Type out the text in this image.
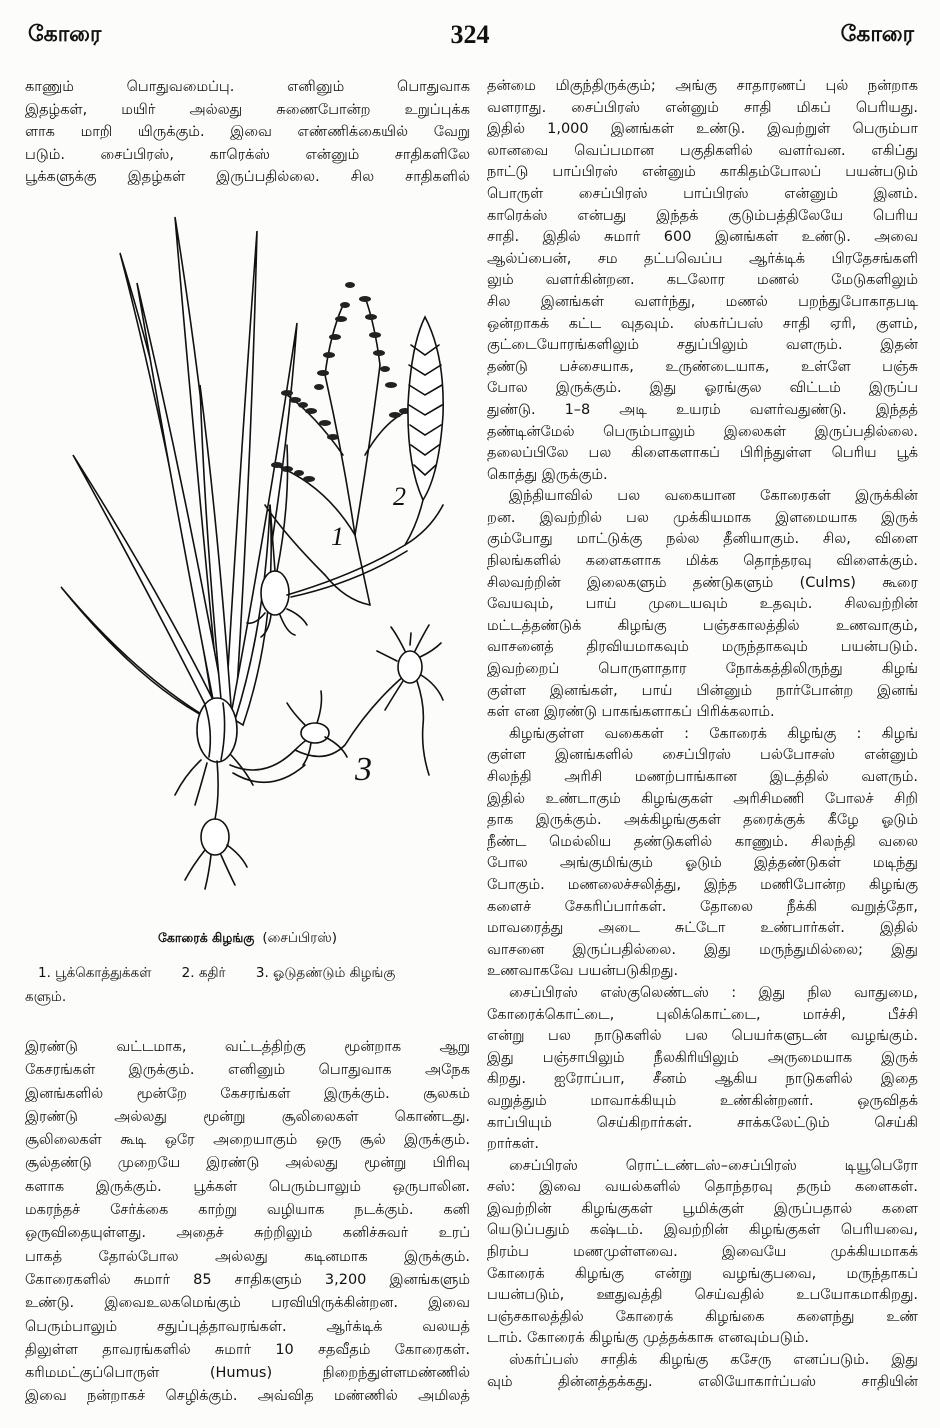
கோரை	324	கோரை
காணும் பொதுவமைப்பு. எனினும் பொதுவாக
இதழ்கள், மயிர் அல்லது சுணைபோன்ற உறுப்புக்க
ளாக மாறி யிருக்கும். இவை எண்ணிக்கையில் வேறு
படும். சைப்பிரஸ், காரெக்ஸ் என்னும் சாதிகளிலே
பூக்களுக்கு இதழ்கள் இருப்பதில்லை. சில சாதிகளில்
1
2
3
கோரைக் கிழங்கு (சைப்பிரஸ்)
1. பூக்கொத்துக்கள் 2. கதிர் 3. ஓடுதண்டும் கிழங்கு
களும்.
இரண்டு வட்டமாக, வட்டத்திற்கு மூன்றாக ஆறு
கேசரங்கள் இருக்கும். எனினும் பொதுவாக அநேக
இனங்களில் மூன்றே கேசரங்கள் இருக்கும். சூலகம்
இரண்டு அல்லது மூன்று சூலிலைகள் கொண்டது.
சூலிலைகள் கூடி ஒரே அறையாகும் ஒரு சூல் இருக்கும்.
சூல்தண்டு முறையே இரண்டு அல்லது மூன்று பிரிவு
களாக இருக்கும். பூக்கள் பெரும்பாலும் ஒருபாலின.
மகரந்தச் சேர்க்கை காற்று வழியாக நடக்கும். கனி
ஒருவிதையுள்ளது. அதைச் சுற்றிலும் கனிச்சுவர் உரப்
பாகத் தோல்போல அல்லது கடினமாக இருக்கும்.
கோரைகளில் சுமார் 85 சாதிகளும் 3,200 இனங்களும்
உண்டு. இவைஉலகமெங்கும் பரவியிருக்கின்றன. இவை
பெரும்பாலும் சதுப்புத்தாவரங்கள். ஆர்க்டிக் வலயத்
திலுள்ள தாவரங்களில் சுமார் 10 சதவீதம் கோரைகள்.
கரிமமட்குப்பொருள் (Humus) நிறைந்துள்ளமண்ணில்
இவை நன்றாகச் செழிக்கும். அவ்வித மண்ணில் அமிலத்
தன்மை மிகுந்திருக்கும்; அங்கு சாதாரணப் புல் நன்றாக
வளராது. சைப்பிரஸ் என்னும் சாதி மிகப் பெரியது.
இதில் 1,000 இனங்கள் உண்டு. இவற்றுள் பெரும்பா
லானவை வெப்பமான பகுதிகளில் வளர்வன. எகிப்து
நாட்டு பாப்பிரஸ் என்னும் காகிதம்போலப் பயன்படும்
பொருள் சைப்பிரஸ் பாப்பிரஸ் என்னும் இனம்.
காரெக்ஸ் என்பது இந்தக் குடும்பத்திலேயே பெரிய
சாதி. இதில் சுமார் 600 இனங்கள் உண்டு. அவை
ஆல்ப்பைன், சம தட்பவெப்ப ஆர்க்டிக் பிரதேசங்களி
லும் வளர்கின்றன. கடலோர மணல் மேடுகளிலும்
சில இனங்கள் வளர்ந்து, மணல் பறந்துபோகாதபடி
ஒன்றாகக் கட்ட வுதவும். ஸ்கர்ப்பஸ் சாதி ஏரி, குளம்,
குட்டையோரங்களிலும் சதுப்பிலும் வளரும். இதன்
தண்டு பச்சையாக, உருண்டையாக, உள்ளே பஞ்சு
போல இருக்கும். இது ஓரங்குல விட்டம் இருப்ப
துண்டு. 1–8 அடி உயரம் வளர்வதுண்டு. இந்தத்
தண்டின்மேல் பெரும்பாலும் இலைகள் இருப்பதில்லை.
தலைப்பிலே பல கிளைகளாகப் பிரிந்துள்ள பெரிய பூக்
கொத்து இருக்கும்.
இந்தியாவில் பல வகையான கோரைகள் இருக்கின்
றன. இவற்றில் பல முக்கியமாக இளமையாக இருக்
கும்போது மாட்டுக்கு நல்ல தீனியாகும். சில, விளை
நிலங்களில் களைகளாக மிக்க தொந்தரவு விளைக்கும்.
சிலவற்றின் இலைகளும் தண்டுகளும் (Culms) கூரை
வேயவும், பாய் முடையவும் உதவும். சிலவற்றின்
மட்டத்தண்டுக் கிழங்கு பஞ்சகாலத்தில் உணவாகும்,
வாசனைத் திரவியமாகவும் மருந்தாகவும் பயன்படும்.
இவற்றைப் பொருளாதார நோக்கத்திலிருந்து கிழங்
குள்ள இனங்கள், பாய் பின்னும் நார்போன்ற இனங்
கள் என இரண்டு பாகங்களாகப் பிரிக்கலாம்.
கிழங்குள்ள வகைகள் : கோரைக் கிழங்கு : கிழங்
குள்ள இனங்களில் சைப்பிரஸ் பல்போசஸ் என்னும்
சிலந்தி அரிசி மணற்பாங்கான இடத்தில் வளரும்.
இதில் உண்டாகும் கிழங்குகள் அரிசிமணி போலச் சிறி
தாக இருக்கும். அக்கிழங்குகள் தரைக்குக் கீழே ஓடும்
நீண்ட மெல்லிய தண்டுகளில் காணும். சிலந்தி வலை
போல அங்குமிங்கும் ஓடும் இத்தண்டுகள் மடிந்து
போகும். மணலைச்சலித்து, இந்த மணிபோன்ற கிழங்கு
களைச் சேகரிப்பார்கள். தோலை நீக்கி வறுத்தோ,
மாவரைத்து அடை சுட்டோ உண்பார்கள். இதில்
வாசனை இருப்பதில்லை. இது மருந்துமில்லை; இது
உணவாகவே பயன்படுகிறது.
சைப்பிரஸ் எஸ்குலெண்டஸ் : இது நில வாதுமை,
கோரைக்கொட்டை, புலிக்கொட்டை, மாச்சி, பீச்சி
என்று பல நாடுகளில் பல பெயர்களுடன் வழங்கும்.
இது பஞ்சாபிலும் நீலகிரியிலும் அருமையாக இருக்
கிறது. ஐரோப்பா, சீனம் ஆகிய நாடுகளில் இதை
வறுத்தும் மாவாக்கியும் உண்கின்றனர். ஒருவிதக்
காப்பியும் செய்கிறார்கள். சாக்கலேட்டும் செய்கி
றார்கள்.
சைப்பிரஸ் ரொட்டண்டஸ்–சைப்பிரஸ் டியூபெரோ
சஸ்: இவை வயல்களில் தொந்தரவு தரும் களைகள்.
இவற்றின் கிழங்குகள் பூமிக்குள் இருப்பதால் களை
யெடுப்பதும் கஷ்டம். இவற்றின் கிழங்குகள் பெரியவை,
நிரம்ப மணமுள்ளவை. இவையே முக்கியமாகக்
கோரைக் கிழங்கு என்று வழங்குபவை, மருந்தாகப்
பயன்படும், ஊதுவத்தி செய்வதில் உபயோகமாகிறது.
பஞ்சகாலத்தில் கோரைக் கிழங்கை களைந்து உண்
டாம். கோரைக் கிழங்கு முத்தக்காசு எனவும்படும்.
ஸ்கர்ப்பஸ் சாதிக் கிழங்கு கசேரு எனப்படும். இது
வும் தின்னத்தக்கது. எலியோகார்ப்பஸ் சாதியின்
